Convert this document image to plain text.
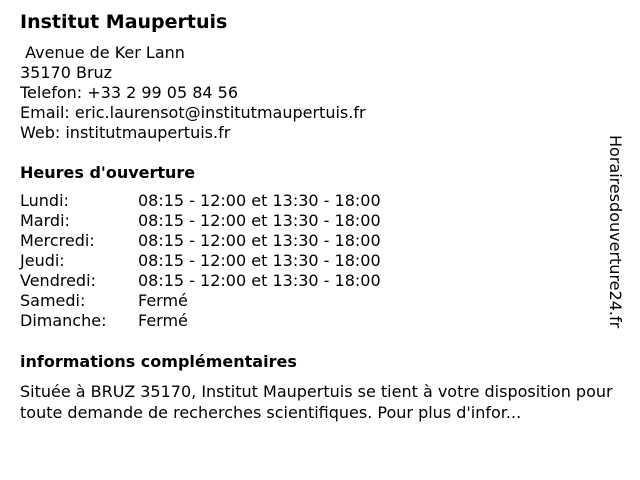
Institut Maupertuis
Avenue de Ker Lann
35170 Bruz
Telefon: +33 2 99 05 84 56
Email: eric.laurensot@institutmaupertuis.fr
Web: institutmaupertuis.fr
Heures d'ouverture
Lundi:	08:15 - 12:00 et 13:30 - 18:00
Mardi:	08:15 - 12:00 et 13:30 - 18:00
Mercredi:	08:15 - 12:00 et 13:30 - 18:00
Jeudi:	08:15 - 12:00 et 13:30 - 18:00
Vendredi:	08:15 - 12:00 et 13:30 - 18:00
Samedi:	Fermé
Dimanche:	Fermé
informations complémentaires
Située à BRUZ 35170, Institut Maupertuis se tient à votre disposition pour toute demande de recherches scientifiques. Pour plus d'infor...
Horairesdouverture24.fr
